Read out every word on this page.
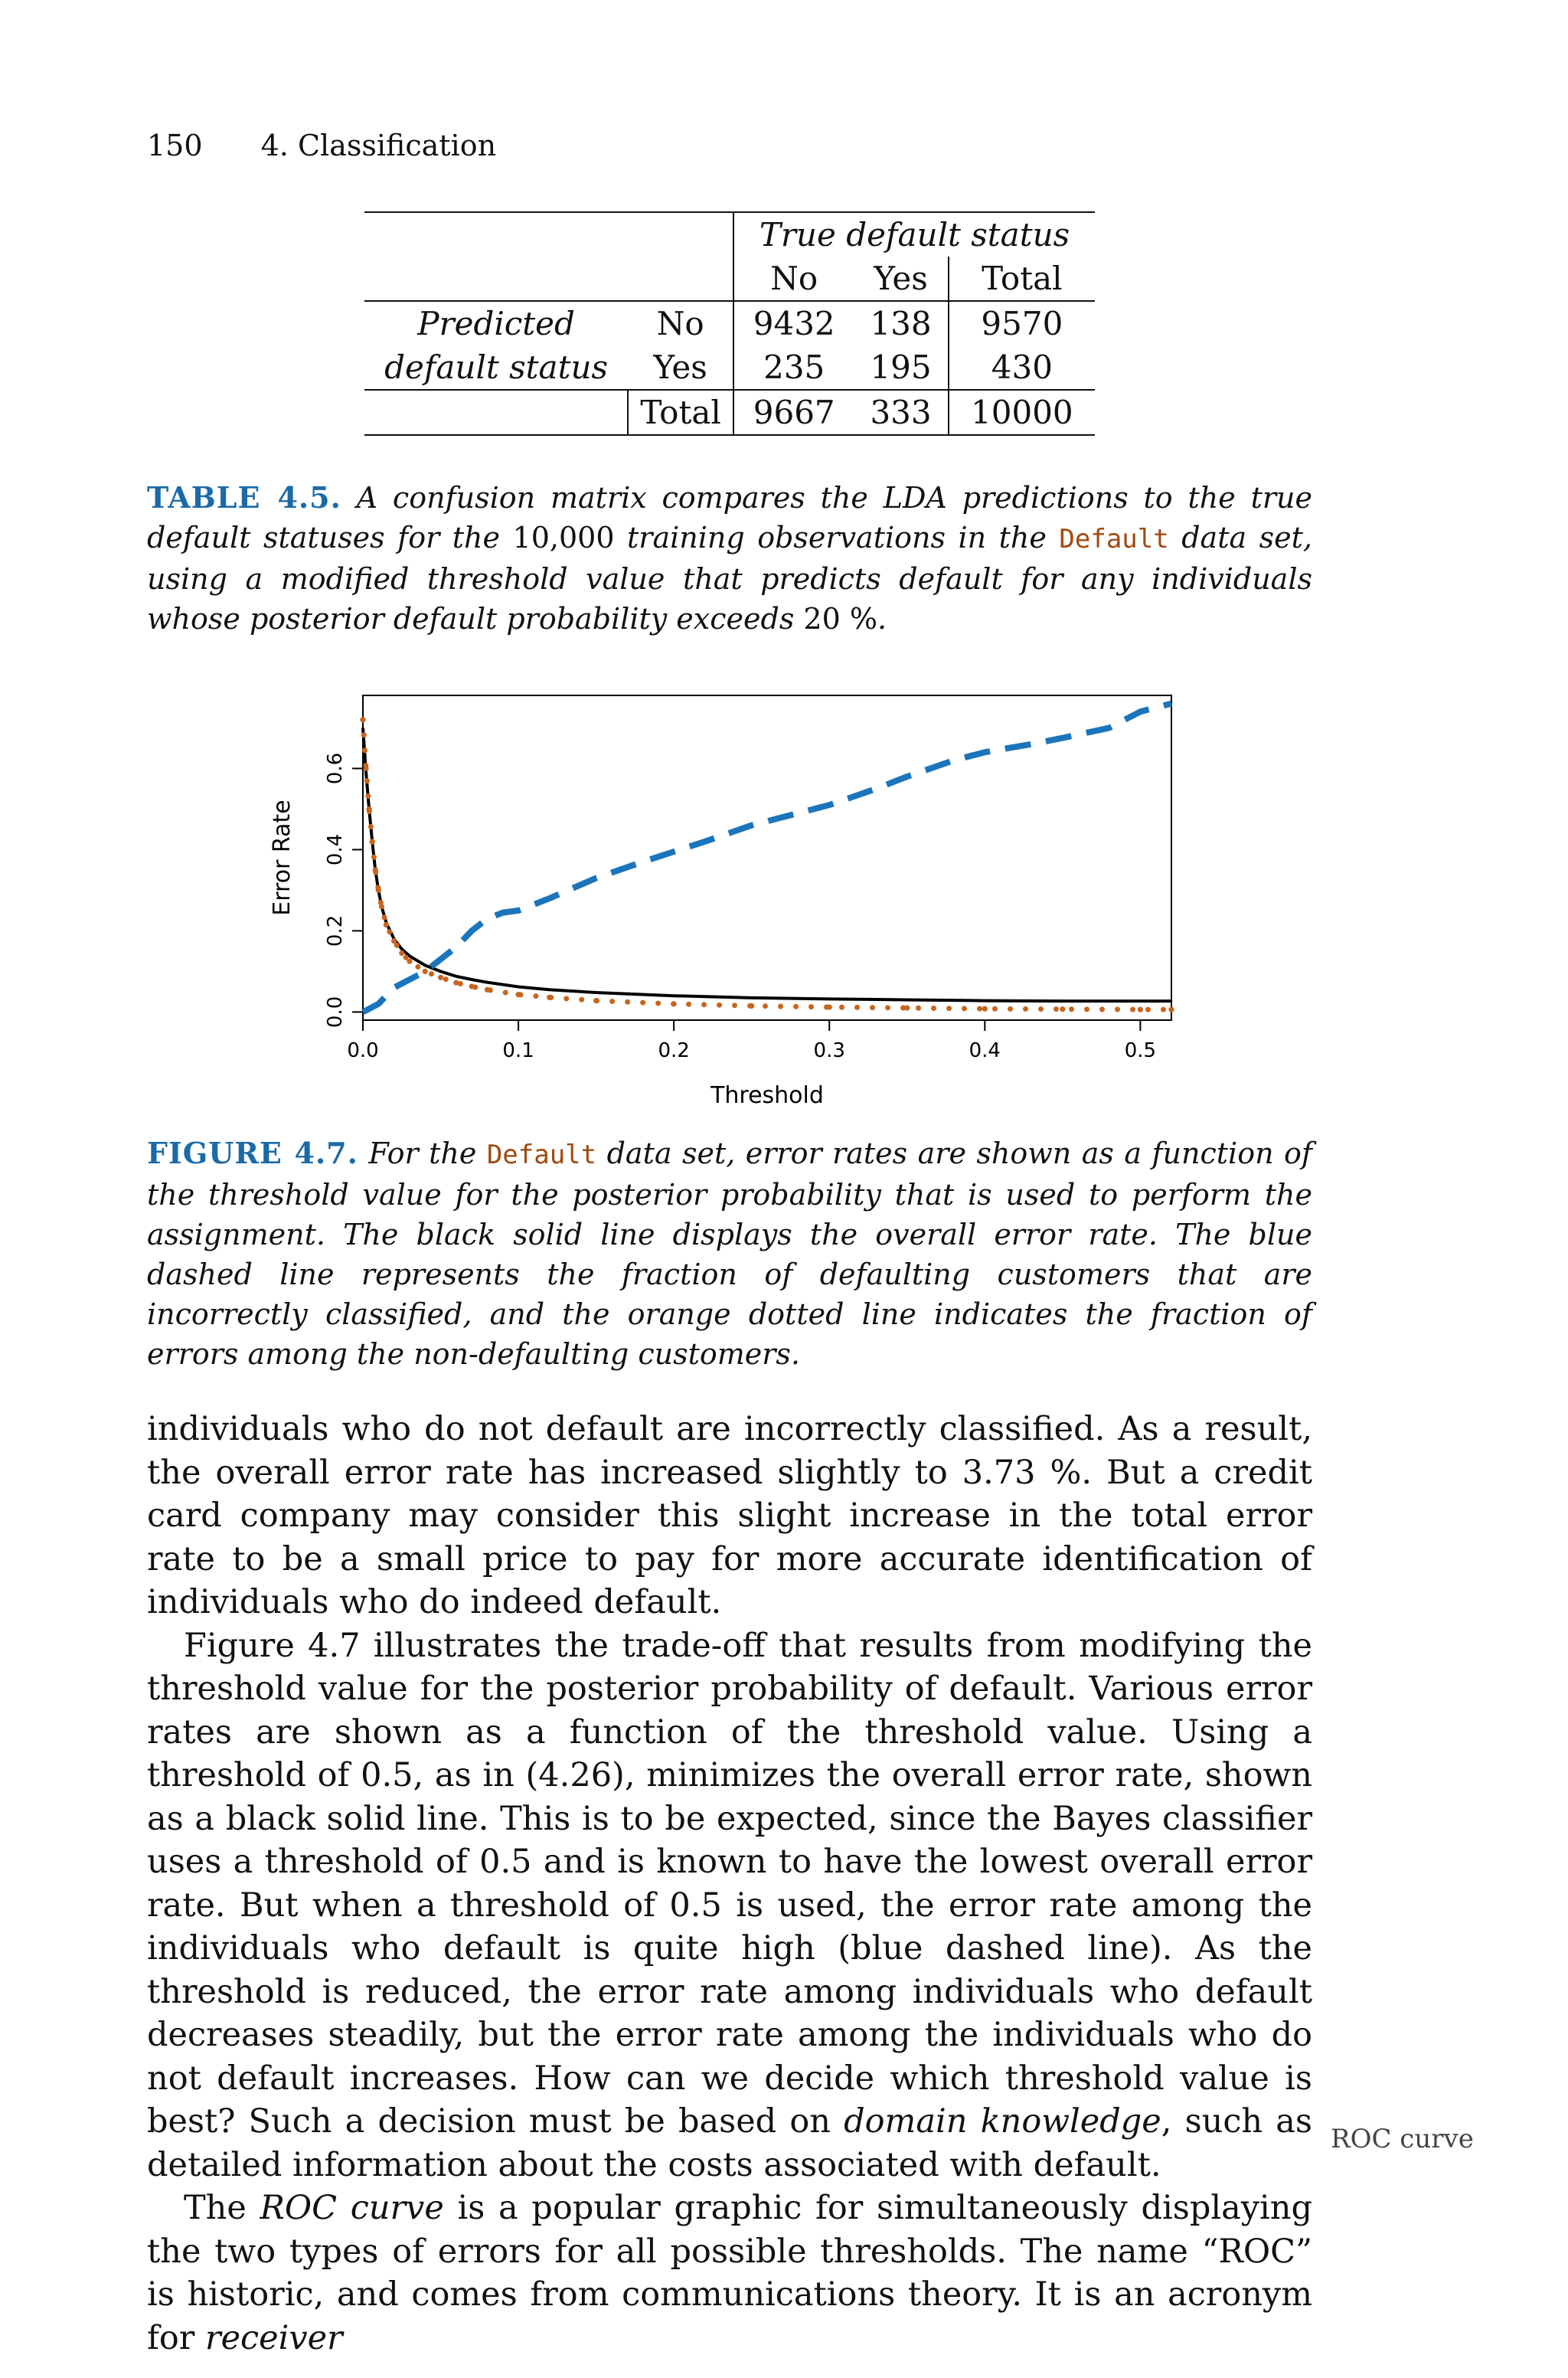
150 4. Classification
		True default status		
		No	Yes	Total
Predicted	No	9432	138	9570
default status	Yes	235	195	430
	Total	9667	333	10000
TABLE 4.5. A confusion matrix compares the LDA predictions to the true default statuses for the 10,000 training observations in the Default data set, using a modified threshold value that predicts default for any individuals whose posterior default probability exceeds 20 %.
0.0	0.1	0.2	0.3	0.4	0.5
0.0
0.2
0.4
0.6
Threshold
Error Rate
FIGURE 4.7. For the Default data set, error rates are shown as a function of the threshold value for the posterior probability that is used to perform the assignment. The black solid line displays the overall error rate. The blue dashed line represents the fraction of defaulting customers that are incorrectly classified, and the orange dotted line indicates the fraction of errors among the non-defaulting customers.

individuals who do not default are incorrectly classified. As a result, the overall error rate has increased slightly to 3.73 %. But a credit card company may consider this slight increase in the total error rate to be a small price to pay for more accurate identification of individuals who do indeed default.

Figure 4.7 illustrates the trade-off that results from modifying the threshold value for the posterior probability of default. Various error rates are shown as a function of the threshold value. Using a threshold of 0.5, as in (4.26), minimizes the overall error rate, shown as a black solid line. This is to be expected, since the Bayes classifier uses a threshold of 0.5 and is known to have the lowest overall error rate. But when a threshold of 0.5 is used, the error rate among the individuals who default is quite high (blue dashed line). As the threshold is reduced, the error rate among individuals who default decreases steadily, but the error rate among the individuals who do not default increases. How can we decide which threshold value is best? Such a decision must be based on domain knowledge, such as detailed information about the costs associated with default.

The ROC curve is a popular graphic for simultaneously displaying the two types of errors for all possible thresholds. The name “ROC” is historic, and comes from communications theory. It is an acronym for receiver

ROC curve
